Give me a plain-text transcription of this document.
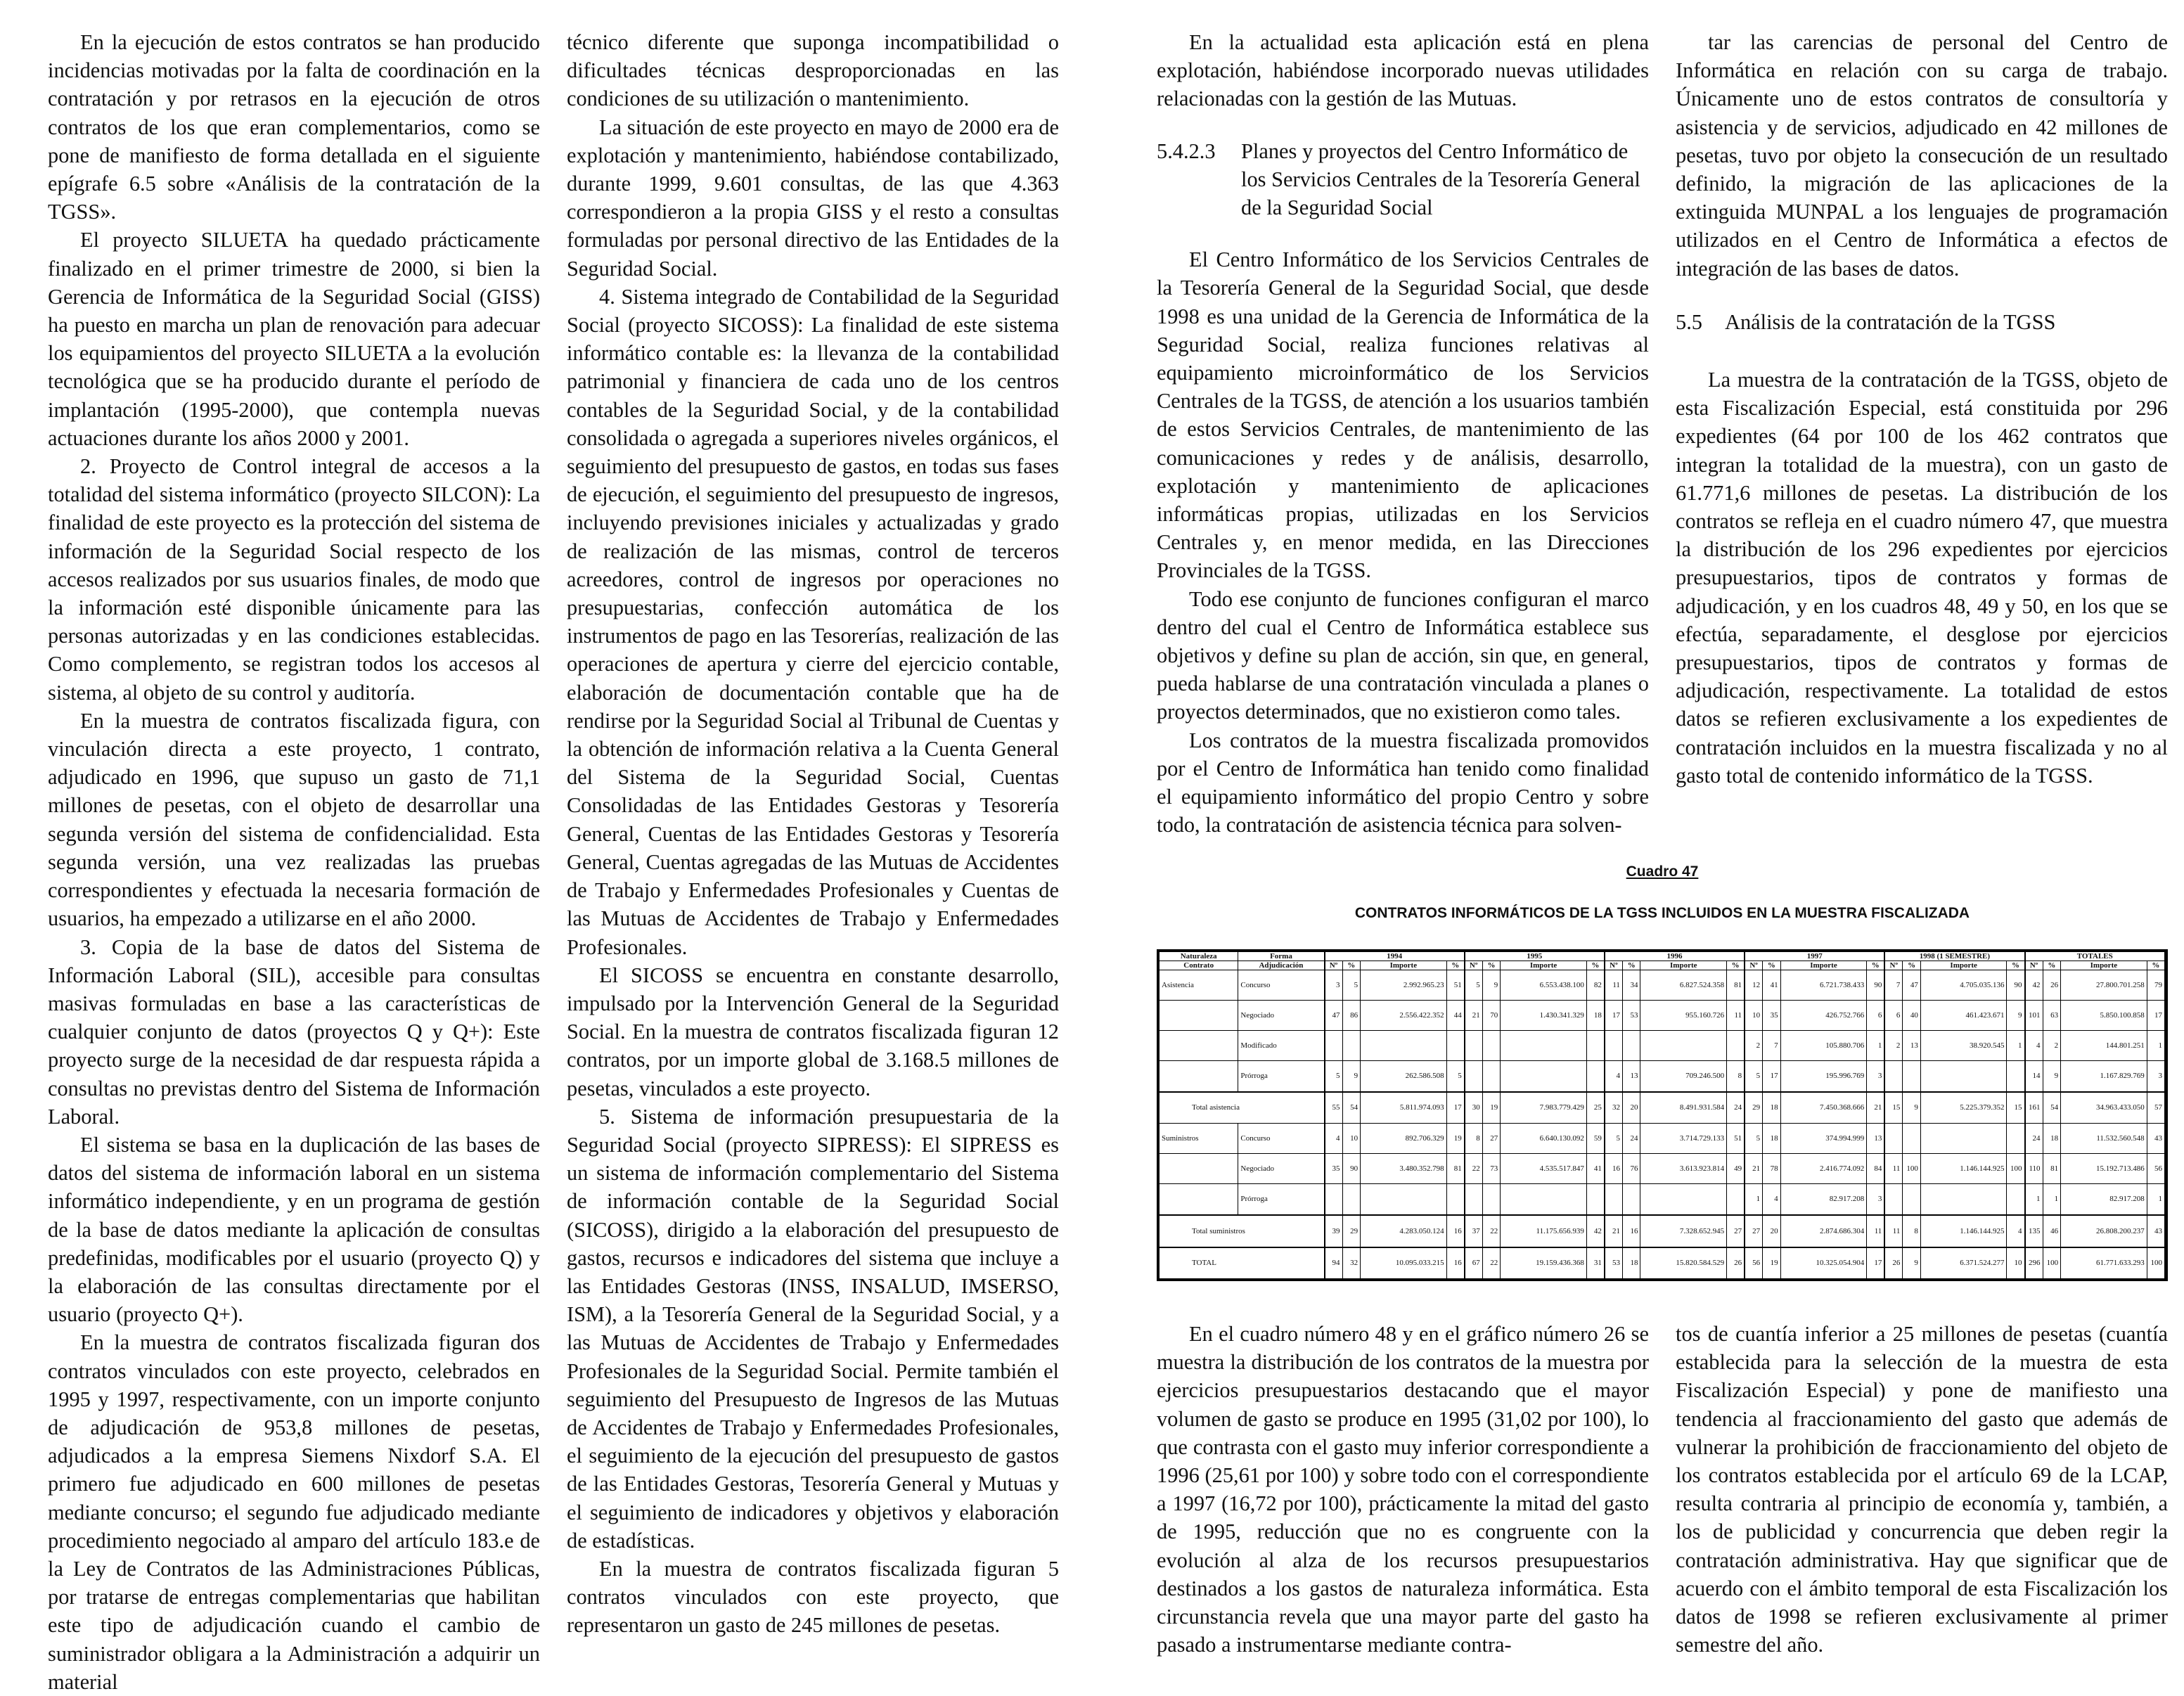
En la ejecución de estos contratos se han producido incidencias motivadas por la falta de coordinación en la contratación y por retrasos en la ejecución de otros contratos de los que eran complementarios, como se pone de manifiesto de forma detallada en el siguiente epígrafe 6.5 sobre «Análisis de la contratación de la TGSS».

El proyecto SILUETA ha quedado prácticamente finalizado en el primer trimestre de 2000, si bien la Gerencia de Informática de la Seguridad Social (GISS) ha puesto en marcha un plan de renovación para adecuar los equipamientos del proyecto SILUETA a la evolución tecnológica que se ha producido durante el período de implantación (1995-2000), que contempla nuevas actuaciones durante los años 2000 y 2001.

2. Proyecto de Control integral de accesos a la totalidad del sistema informático (proyecto SILCON): La finalidad de este proyecto es la protección del sistema de información de la Seguridad Social respecto de los accesos realizados por sus usuarios finales, de modo que la información esté disponible únicamente para las personas autorizadas y en las condiciones establecidas. Como complemento, se registran todos los accesos al sistema, al objeto de su control y auditoría.

En la muestra de contratos fiscalizada figura, con vinculación directa a este proyecto, 1 contrato, adjudicado en 1996, que supuso un gasto de 71,1 millones de pesetas, con el objeto de desarrollar una segunda versión del sistema de confidencialidad. Esta segunda versión, una vez realizadas las pruebas correspondientes y efectuada la necesaria formación de usuarios, ha empezado a utilizarse en el año 2000.

3. Copia de la base de datos del Sistema de Información Laboral (SIL), accesible para consultas masivas formuladas en base a las características de cualquier conjunto de datos (proyectos Q y Q+): Este proyecto surge de la necesidad de dar respuesta rápida a consultas no previstas dentro del Sistema de Información Laboral.

El sistema se basa en la duplicación de las bases de datos del sistema de información laboral en un sistema informático independiente, y en un programa de gestión de la base de datos mediante la aplicación de consultas predefinidas, modificables por el usuario (proyecto Q) y la elaboración de las consultas directamente por el usuario (proyecto Q+).

En la muestra de contratos fiscalizada figuran dos contratos vinculados con este proyecto, celebrados en 1995 y 1997, respectivamente, con un importe conjunto de adjudicación de 953,8 millones de pesetas, adjudicados a la empresa Siemens Nixdorf S.A. El primero fue adjudicado en 600 millones de pesetas mediante concurso; el segundo fue adjudicado mediante procedimiento negociado al amparo del artículo 183.e de la Ley de Contratos de las Administraciones Públicas, por tratarse de entregas complementarias que habilitan este tipo de adjudicación cuando el cambio de suministrador obligara a la Administración a adquirir un material

técnico diferente que suponga incompatibilidad o dificultades técnicas desproporcionadas en las condiciones de su utilización o mantenimiento.

La situación de este proyecto en mayo de 2000 era de explotación y mantenimiento, habiéndose contabilizado, durante 1999, 9.601 consultas, de las que 4.363 correspondieron a la propia GISS y el resto a consultas formuladas por personal directivo de las Entidades de la Seguridad Social.

4. Sistema integrado de Contabilidad de la Seguridad Social (proyecto SICOSS): La finalidad de este sistema informático contable es: la llevanza de la contabilidad patrimonial y financiera de cada uno de los centros contables de la Seguridad Social, y de la contabilidad consolidada o agregada a superiores niveles orgánicos, el seguimiento del presupuesto de gastos, en todas sus fases de ejecución, el seguimiento del presupuesto de ingresos, incluyendo previsiones iniciales y actualizadas y grado de realización de las mismas, control de terceros acreedores, control de ingresos por operaciones no presupuestarias, confección automática de los instrumentos de pago en las Tesorerías, realización de las operaciones de apertura y cierre del ejercicio contable, elaboración de documentación contable que ha de rendirse por la Seguridad Social al Tribunal de Cuentas y la obtención de información relativa a la Cuenta General del Sistema de la Seguridad Social, Cuentas Consolidadas de las Entidades Gestoras y Tesorería General, Cuentas de las Entidades Gestoras y Tesorería General, Cuentas agregadas de las Mutuas de Accidentes de Trabajo y Enfermedades Profesionales y Cuentas de las Mutuas de Accidentes de Trabajo y Enfermedades Profesionales.

El SICOSS se encuentra en constante desarrollo, impulsado por la Intervención General de la Seguridad Social. En la muestra de contratos fiscalizada figuran 12 contratos, por un importe global de 3.168.5 millones de pesetas, vinculados a este proyecto.

5. Sistema de información presupuestaria de la Seguridad Social (proyecto SIPRESS): El SIPRESS es un sistema de información complementario del Sistema de información contable de la Seguridad Social (SICOSS), dirigido a la elaboración del presupuesto de gastos, recursos e indicadores del sistema que incluye a las Entidades Gestoras (INSS, INSALUD, IMSERSO, ISM), a la Tesorería General de la Seguridad Social, y a las Mutuas de Accidentes de Trabajo y Enfermedades Profesionales de la Seguridad Social. Permite también el seguimiento del Presupuesto de Ingresos de las Mutuas de Accidentes de Trabajo y Enfermedades Profesionales, el seguimiento de la ejecución del presupuesto de gastos de las Entidades Gestoras, Tesorería General y Mutuas y el seguimiento de indicadores y objetivos y elaboración de estadísticas.

En la muestra de contratos fiscalizada figuran 5 contratos vinculados con este proyecto, que representaron un gasto de 245 millones de pesetas.

En la actualidad esta aplicación está en plena explotación, habiéndose incorporado nuevas utilidades relacionadas con la gestión de las Mutuas.

5.4.2.3	Planes y proyectos del Centro Informático de los Servicios Centrales de la Tesorería General de la Seguridad Social

El Centro Informático de los Servicios Centrales de la Tesorería General de la Seguridad Social, que desde 1998 es una unidad de la Gerencia de Informática de la Seguridad Social, realiza funciones relativas al equipamiento microinformático de los Servicios Centrales de la TGSS, de atención a los usuarios también de estos Servicios Centrales, de mantenimiento de las comunicaciones y redes y de análisis, desarrollo, explotación y mantenimiento de aplicaciones informáticas propias, utilizadas en los Servicios Centrales y, en menor medida, en las Direcciones Provinciales de la TGSS.

Todo ese conjunto de funciones configuran el marco dentro del cual el Centro de Informática establece sus objetivos y define su plan de acción, sin que, en general, pueda hablarse de una contratación vinculada a planes o proyectos determinados, que no existieron como tales.

Los contratos de la muestra fiscalizada promovidos por el Centro de Informática han tenido como finalidad el equipamiento informático del propio Centro y sobre todo, la contratación de asistencia técnica para solven-

tar las carencias de personal del Centro de Informática en relación con su carga de trabajo. Únicamente uno de estos contratos de consultoría y asistencia y de servicios, adjudicado en 42 millones de pesetas, tuvo por objeto la consecución de un resultado definido, la migración de las aplicaciones de la extinguida MUNPAL a los lenguajes de programación utilizados en el Centro de Informática a efectos de integración de las bases de datos.

5.5 Análisis de la contratación de la TGSS

La muestra de la contratación de la TGSS, objeto de esta Fiscalización Especial, está constituida por 296 expedientes (64 por 100 de los 462 contratos que integran la totalidad de la muestra), con un gasto de 61.771,6 millones de pesetas. La distribución de los contratos se refleja en el cuadro número 47, que muestra la distribución de los 296 expedientes por ejercicios presupuestarios, tipos de contratos y formas de adjudicación, y en los cuadros 48, 49 y 50, en los que se efectúa, separadamente, el desglose por ejercicios presupuestarios, tipos de contratos y formas de adjudicación, respectivamente. La totalidad de estos datos se refieren exclusivamente a los expedientes de contratación incluidos en la muestra fiscalizada y no al gasto total de contenido informático de la TGSS.

Cuadro 47
CONTRATOS INFORMÁTICOS DE LA TGSS INCLUIDOS EN LA MUESTRA FISCALIZADA
Naturaleza	Forma	1994				1995				1996				1997				1998 (1 SEMESTRE)				TOTALES			
Contrato	Adjudicación	Nº	%	Importe	%	Nº	%	Importe	%	Nº	%	Importe	%	Nº	%	Importe	%	Nº	%	Importe	%	Nº	%	Importe	%
Asistencia	Concurso	3	5	2.992.965.23	51	5	9	6.553.438.100	82	11	34	6.827.524.358	81	12	41	6.721.738.433	90	7	47	4.705.035.136	90	42	26	27.800.701.258	79
	Negociado	47	86	2.556.422.352	44	21	70	1.430.341.329	18	17	53	955.160.726	11	10	35	426.752.766	6	6	40	461.423.671	9	101	63	5.850.100.858	17
	Modificado													2	7	105.880.706	1	2	13	38.920.545	1	4	2	144.801.251	1
	Prórroga	5	9	262.586.508	5					4	13	709.246.500	8	5	17	195.996.769	3					14	9	1.167.829.769	3
Total asistencia		55	54	5.811.974.093	17	30	19	7.983.779.429	25	32	20	8.491.931.584	24	29	18	7.450.368.666	21	15	9	5.225.379.352	15	161	54	34.963.433.050	57
Suministros	Concurso	4	10	892.706.329	19	8	27	6.640.130.092	59	5	24	3.714.729.133	51	5	18	374.994.999	13					24	18	11.532.560.548	43
	Negociado	35	90	3.480.352.798	81	22	73	4.535.517.847	41	16	76	3.613.923.814	49	21	78	2.416.774.092	84	11	100	1.146.144.925	100	110	81	15.192.713.486	56
	Prórroga													1	4	82.917.208	3					1	1	82.917.208	1
Total suministros		39	29	4.283.050.124	16	37	22	11.175.656.939	42	21	16	7.328.652.945	27	27	20	2.874.686.304	11	11	8	1.146.144.925	4	135	46	26.808.200.237	43
TOTAL		94	32	10.095.033.215	16	67	22	19.159.436.368	31	53	18	15.820.584.529	26	56	19	10.325.054.904	17	26	9	6.371.524.277	10	296	100	61.771.633.293	100

En el cuadro número 48 y en el gráfico número 26 se muestra la distribución de los contratos de la muestra por ejercicios presupuestarios destacando que el mayor volumen de gasto se produce en 1995 (31,02 por 100), lo que contrasta con el gasto muy inferior correspondiente a 1996 (25,61 por 100) y sobre todo con el correspondiente a 1997 (16,72 por 100), prácticamente la mitad del gasto de 1995, reducción que no es congruente con la evolución al alza de los recursos presupuestarios destinados a los gastos de naturaleza informática. Esta circunstancia revela que una mayor parte del gasto ha pasado a instrumentarse mediante contra-

tos de cuantía inferior a 25 millones de pesetas (cuantía establecida para la selección de la muestra de esta Fiscalización Especial) y pone de manifiesto una tendencia al fraccionamiento del gasto que además de vulnerar la prohibición de fraccionamiento del objeto de los contratos establecida por el artículo 69 de la LCAP, resulta contraria al principio de economía y, también, a los de publicidad y concurrencia que deben regir la contratación administrativa. Hay que significar que de acuerdo con el ámbito temporal de esta Fiscalización los datos de 1998 se refieren exclusivamente al primer semestre del año.
